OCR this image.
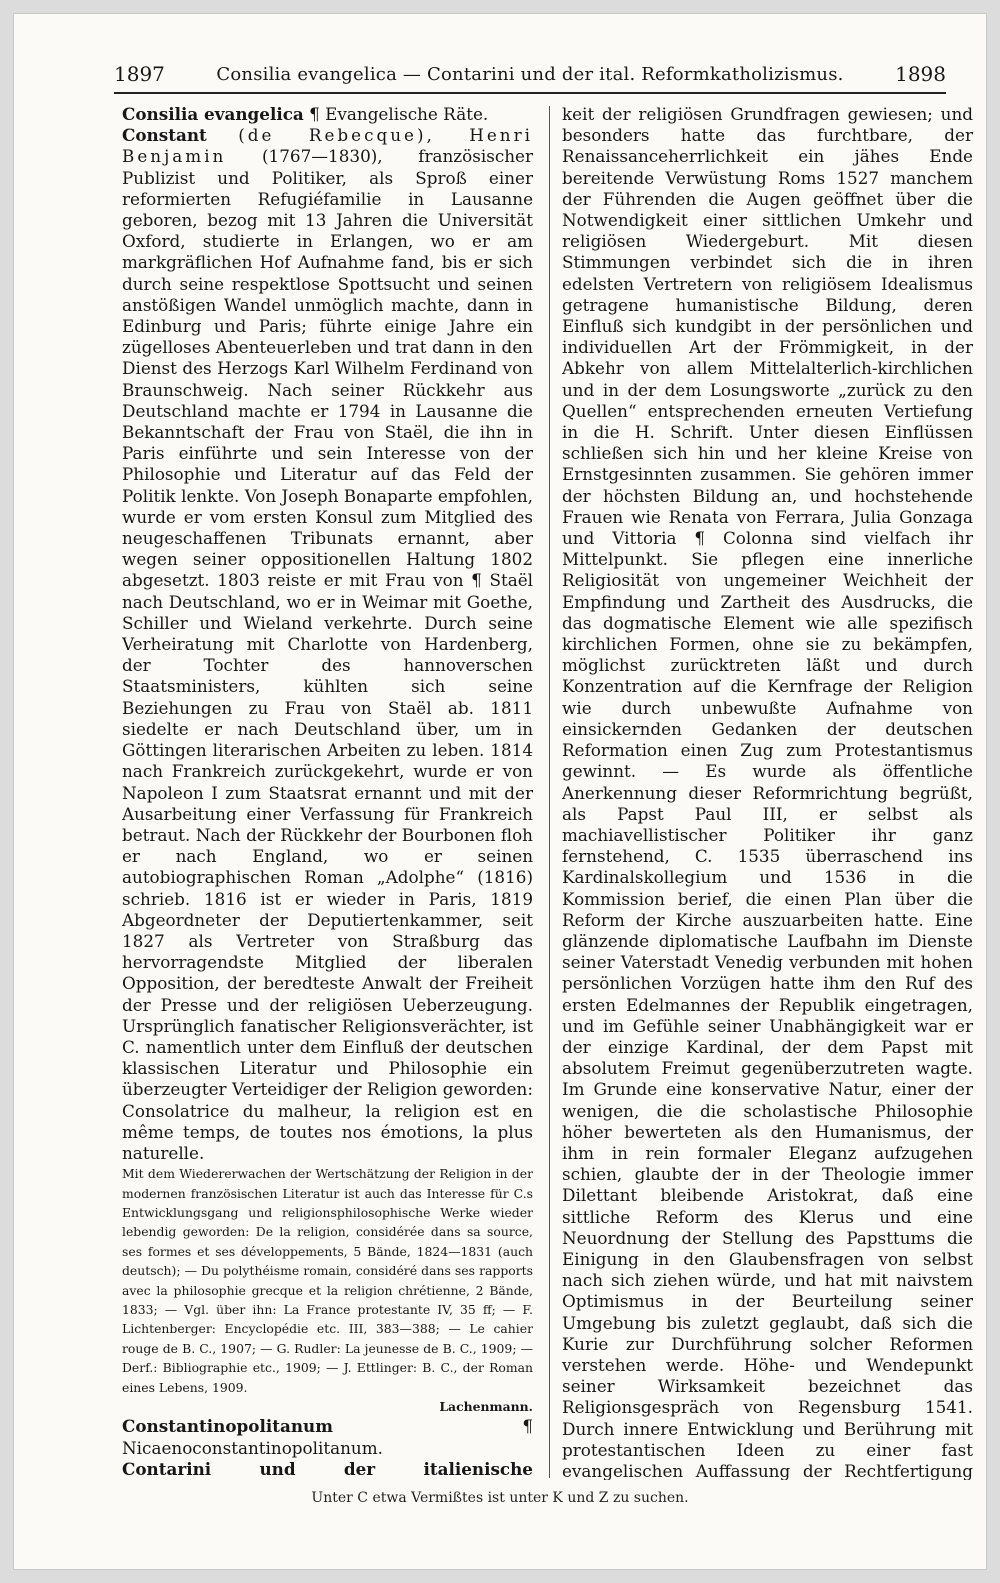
1897	Consilia evangelica — Contarini und der ital. Reformkatholizismus.	1898

Consilia evangelica ¶ Evangelische Räte.

Constant (de Rebecque), Henri Benjamin (1767—1830), französischer Publizist und Politiker, als Sproß einer reformierten Refugiéfamilie in Lausanne geboren, bezog mit 13 Jahren die Universität Oxford, studierte in Erlangen, wo er am markgräflichen Hof Aufnahme fand, bis er sich durch seine respektlose Spottsucht und seinen anstößigen Wandel unmöglich machte, dann in Edinburg und Paris; führte einige Jahre ein zügelloses Abenteuerleben und trat dann in den Dienst des Herzogs Karl Wilhelm Ferdinand von Braunschweig. Nach seiner Rückkehr aus Deutschland machte er 1794 in Lausanne die Bekanntschaft der Frau von Staël, die ihn in Paris einführte und sein Interesse von der Philosophie und Literatur auf das Feld der Politik lenkte. Von Joseph Bonaparte empfohlen, wurde er vom ersten Konsul zum Mitglied des neugeschaffenen Tribunats ernannt, aber wegen seiner oppositionellen Haltung 1802 abgesetzt. 1803 reiste er mit Frau von ¶ Staël nach Deutschland, wo er in Weimar mit Goethe, Schiller und Wieland verkehrte. Durch seine Verheiratung mit Charlotte von Hardenberg, der Tochter des hannoverschen Staatsministers, kühlten sich seine Beziehungen zu Frau von Staël ab. 1811 siedelte er nach Deutschland über, um in Göttingen literarischen Arbeiten zu leben. 1814 nach Frankreich zurückgekehrt, wurde er von Napoleon I zum Staatsrat ernannt und mit der Ausarbeitung einer Verfassung für Frankreich betraut. Nach der Rückkehr der Bourbonen floh er nach England, wo er seinen autobiographischen Roman „Adolphe“ (1816) schrieb. 1816 ist er wieder in Paris, 1819 Abgeordneter der Deputiertenkammer, seit 1827 als Vertreter von Straßburg das hervorragendste Mitglied der liberalen Opposition, der beredteste Anwalt der Freiheit der Presse und der religiösen Ueberzeugung. Ursprünglich fanatischer Religionsverächter, ist C. namentlich unter dem Einfluß der deutschen klassischen Literatur und Philosophie ein überzeugter Verteidiger der Religion geworden: Consolatrice du malheur, la religion est en même temps, de toutes nos émotions, la plus naturelle.

Mit dem Wiedererwachen der Wertschätzung der Religion in der modernen französischen Literatur ist auch das Interesse für C.s Entwicklungsgang und religionsphilosophische Werke wieder lebendig geworden: De la religion, considérée dans sa source, ses formes et ses développements, 5 Bände, 1824—1831 (auch deutsch); — Du polythéisme romain, considéré dans ses rapports avec la philosophie grecque et la religion chrétienne, 2 Bände, 1833; — Vgl. über ihn: La France protestante IV, 35 ff; — F. Lichtenberger: Encyclopédie etc. III, 383—388; — Le cahier rouge de B. C., 1907; — G. Rudler: La jeunesse de B. C., 1909; — Derf.: Bibliographie etc., 1909; — J. Ettlinger: B. C., der Roman eines Lebens, 1909.

Lachenmann.

Constantinopolitanum	¶ Nicaenoconstantinopolitanum.

Contarini und der italienische

keit der religiösen Grundfragen gewiesen; und besonders hatte das furchtbare, der Renaissanceherrlichkeit ein jähes Ende bereitende Verwüstung Roms 1527 manchem der Führenden die Augen geöffnet über die Notwendigkeit einer sittlichen Umkehr und religiösen Wiedergeburt. Mit diesen Stimmungen verbindet sich die in ihren edelsten Vertretern von religiösem Idealismus getragene humanistische Bildung, deren Einfluß sich kundgibt in der persönlichen und individuellen Art der Frömmigkeit, in der Abkehr von allem Mittelalterlich-kirchlichen und in der dem Losungsworte „zurück zu den Quellen“ entsprechenden erneuten Vertiefung in die H. Schrift. Unter diesen Einflüssen schließen sich hin und her kleine Kreise von Ernstgesinnten zusammen. Sie gehören immer der höchsten Bildung an, und hochstehende Frauen wie Renata von Ferrara, Julia Gonzaga und Vittoria ¶ Colonna sind vielfach ihr Mittelpunkt. Sie pflegen eine innerliche Religiosität von ungemeiner Weichheit der Empfindung und Zartheit des Ausdrucks, die das dogmatische Element wie alle spezifisch kirchlichen Formen, ohne sie zu bekämpfen, möglichst zurücktreten läßt und durch Konzentration auf die Kernfrage der Religion wie durch unbewußte Aufnahme von einsickernden Gedanken der deutschen Reformation einen Zug zum Protestantismus gewinnt. — Es wurde als öffentliche Anerkennung dieser Reformrichtung begrüßt, als Papst Paul III, er selbst als machiavellistischer Politiker ihr ganz fernstehend, C. 1535 überraschend ins Kardinalskollegium und 1536 in die Kommission berief, die einen Plan über die Reform der Kirche auszuarbeiten hatte. Eine glänzende diplomatische Laufbahn im Dienste seiner Vaterstadt Venedig verbunden mit hohen persönlichen Vorzügen hatte ihm den Ruf des ersten Edelmannes der Republik eingetragen, und im Gefühle seiner Unabhängigkeit war er der einzige Kardinal, der dem Papst mit absolutem Freimut gegenüberzutreten wagte. Im Grunde eine konservative Natur, einer der wenigen, die die scholastische Philosophie höher bewerteten als den Humanismus, der ihm in rein formaler Eleganz aufzugehen schien, glaubte der in der Theologie immer Dilettant bleibende Aristokrat, daß eine sittliche Reform des Klerus und eine Neuordnung der Stellung des Papsttums die Einigung in den Glaubensfragen von selbst nach sich ziehen würde, und hat mit naivstem Optimismus in der Beurteilung seiner Umgebung bis zuletzt geglaubt, daß sich die Kurie zur Durchführung solcher Reformen verstehen werde. Höhe- und Wendepunkt seiner Wirksamkeit bezeichnet das Religionsgespräch von Regensburg 1541. Durch innere Entwicklung und Berührung mit protestantischen Ideen zu einer fast evangelischen Auffassung der Rechtfertigung

Unter C etwa Vermißtes ist unter K und Z zu suchen.
